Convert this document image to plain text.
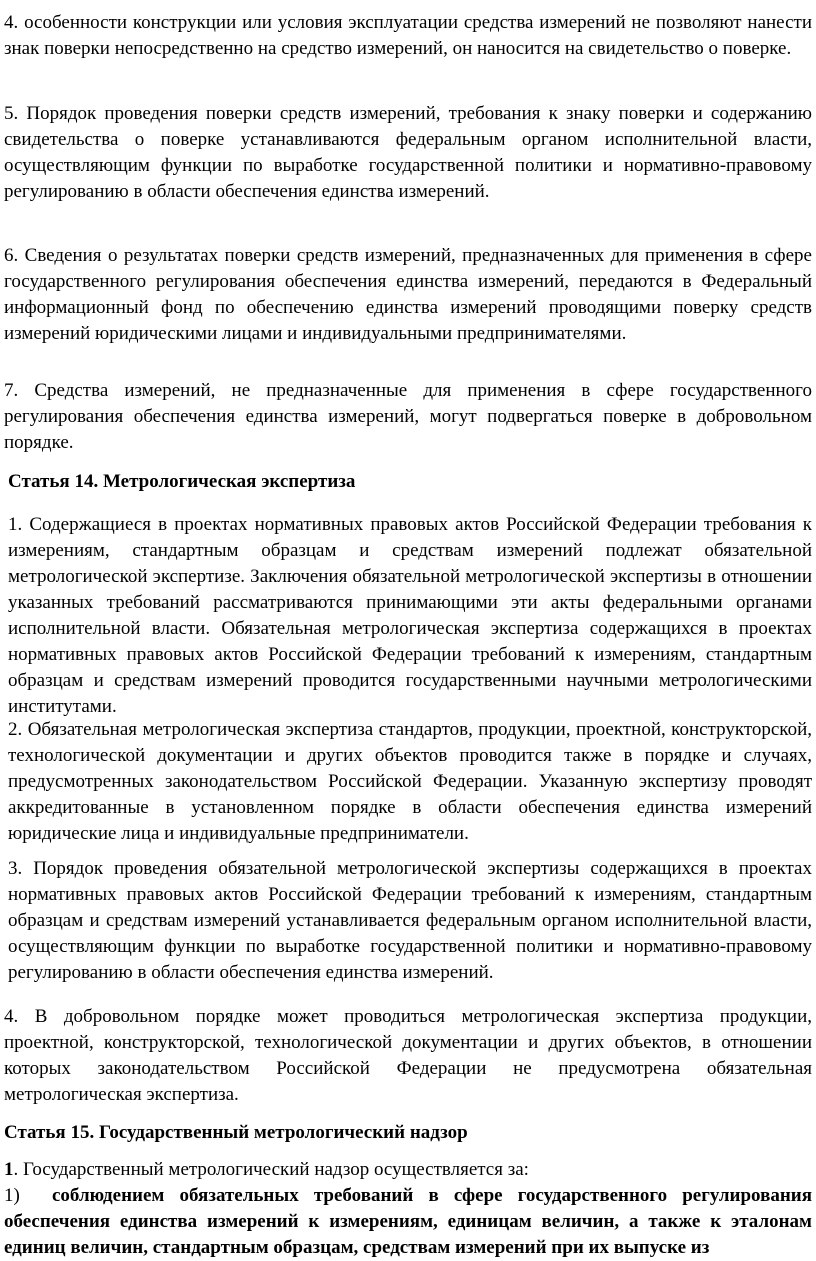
4. особенности конструкции или условия эксплуатации средства измерений не позволяют нанести знак поверки непосредственно на средство измерений, он наносится на свидетельство о поверке.

5. Порядок проведения поверки средств измерений, требования к знаку поверки и содержанию свидетельства о поверке устанавливаются федеральным органом исполнительной власти, осуществляющим функции по выработке государственной политики и нормативно-правовому регулированию в области обеспечения единства измерений.

6. Сведения о результатах поверки средств измерений, предназначенных для применения в сфере государственного регулирования обеспечения единства измерений, передаются в Федеральный информационный фонд по обеспечению единства измерений проводящими поверку средств измерений юридическими лицами и индивидуальными предпринимателями.

7. Средства измерений, не предназначенные для применения в сфере государственного регулирования обеспечения единства измерений, могут подвергаться поверке в добровольном порядке.

Статья 14. Метрологическая экспертиза

1. Содержащиеся в проектах нормативных правовых актов Российской Федерации требования к измерениям, стандартным образцам и средствам измерений подлежат обязательной метрологической экспертизе. Заключения обязательной метрологической экспертизы в отношении указанных требований рассматриваются принимающими эти акты федеральными органами исполнительной власти. Обязательная метрологическая экспертиза содержащихся в проектах нормативных правовых актов Российской Федерации требований к измерениям, стандартным образцам и средствам измерений проводится государственными научными метрологическими институтами.

2. Обязательная метрологическая экспертиза стандартов, продукции, проектной, конструкторской, технологической документации и других объектов проводится также в порядке и случаях, предусмотренных законодательством Российской Федерации. Указанную экспертизу проводят аккредитованные в установленном порядке в области обеспечения единства измерений юридические лица и индивидуальные предприниматели.

3. Порядок проведения обязательной метрологической экспертизы содержащихся в проектах нормативных правовых актов Российской Федерации требований к измерениям, стандартным образцам и средствам измерений устанавливается федеральным органом исполнительной власти, осуществляющим функции по выработке государственной политики и нормативно-правовому регулированию в области обеспечения единства измерений.

4. В добровольном порядке может проводиться метрологическая экспертиза продукции, проектной, конструкторской, технологической документации и других объектов, в отношении которых законодательством Российской Федерации не предусмотрена обязательная метрологическая экспертиза.

Статья 15. Государственный метрологический надзор

1. Государственный метрологический надзор осуществляется за:

1) соблюдением обязательных требований в сфере государственного регулирования обеспечения единства измерений к измерениям, единицам величин, а также к эталонам единиц величин, стандартным образцам, средствам измерений при их выпуске из
